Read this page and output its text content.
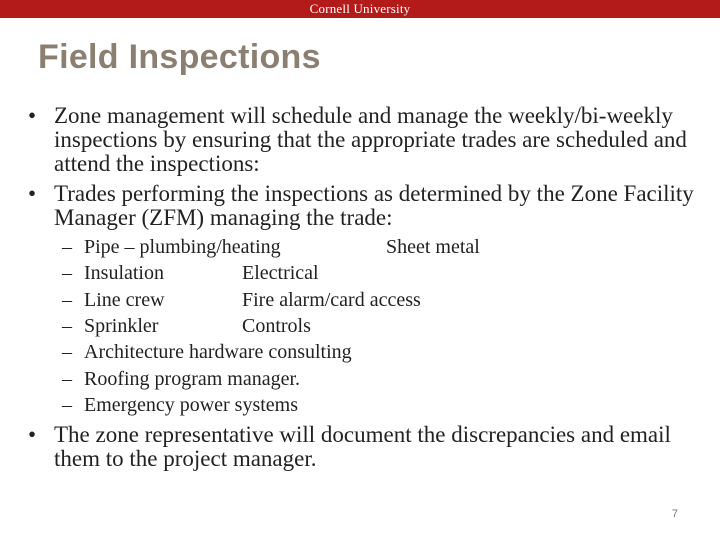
Cornell University
Field Inspections
• Zone management will schedule and manage the weekly/bi-weekly inspections by ensuring that the appropriate trades are scheduled and attend the inspections:
• Trades performing the inspections as determined by the Zone Facility Manager (ZFM) managing the trade:
– Pipe – plumbing/heating	Sheet metal
– Insulation	Electrical
– Line crew	Fire alarm/card access
– Sprinkler	Controls
– Architecture hardware consulting
– Roofing program manager.
– Emergency power systems
• The zone representative will document the discrepancies and email them to the project manager.
7
